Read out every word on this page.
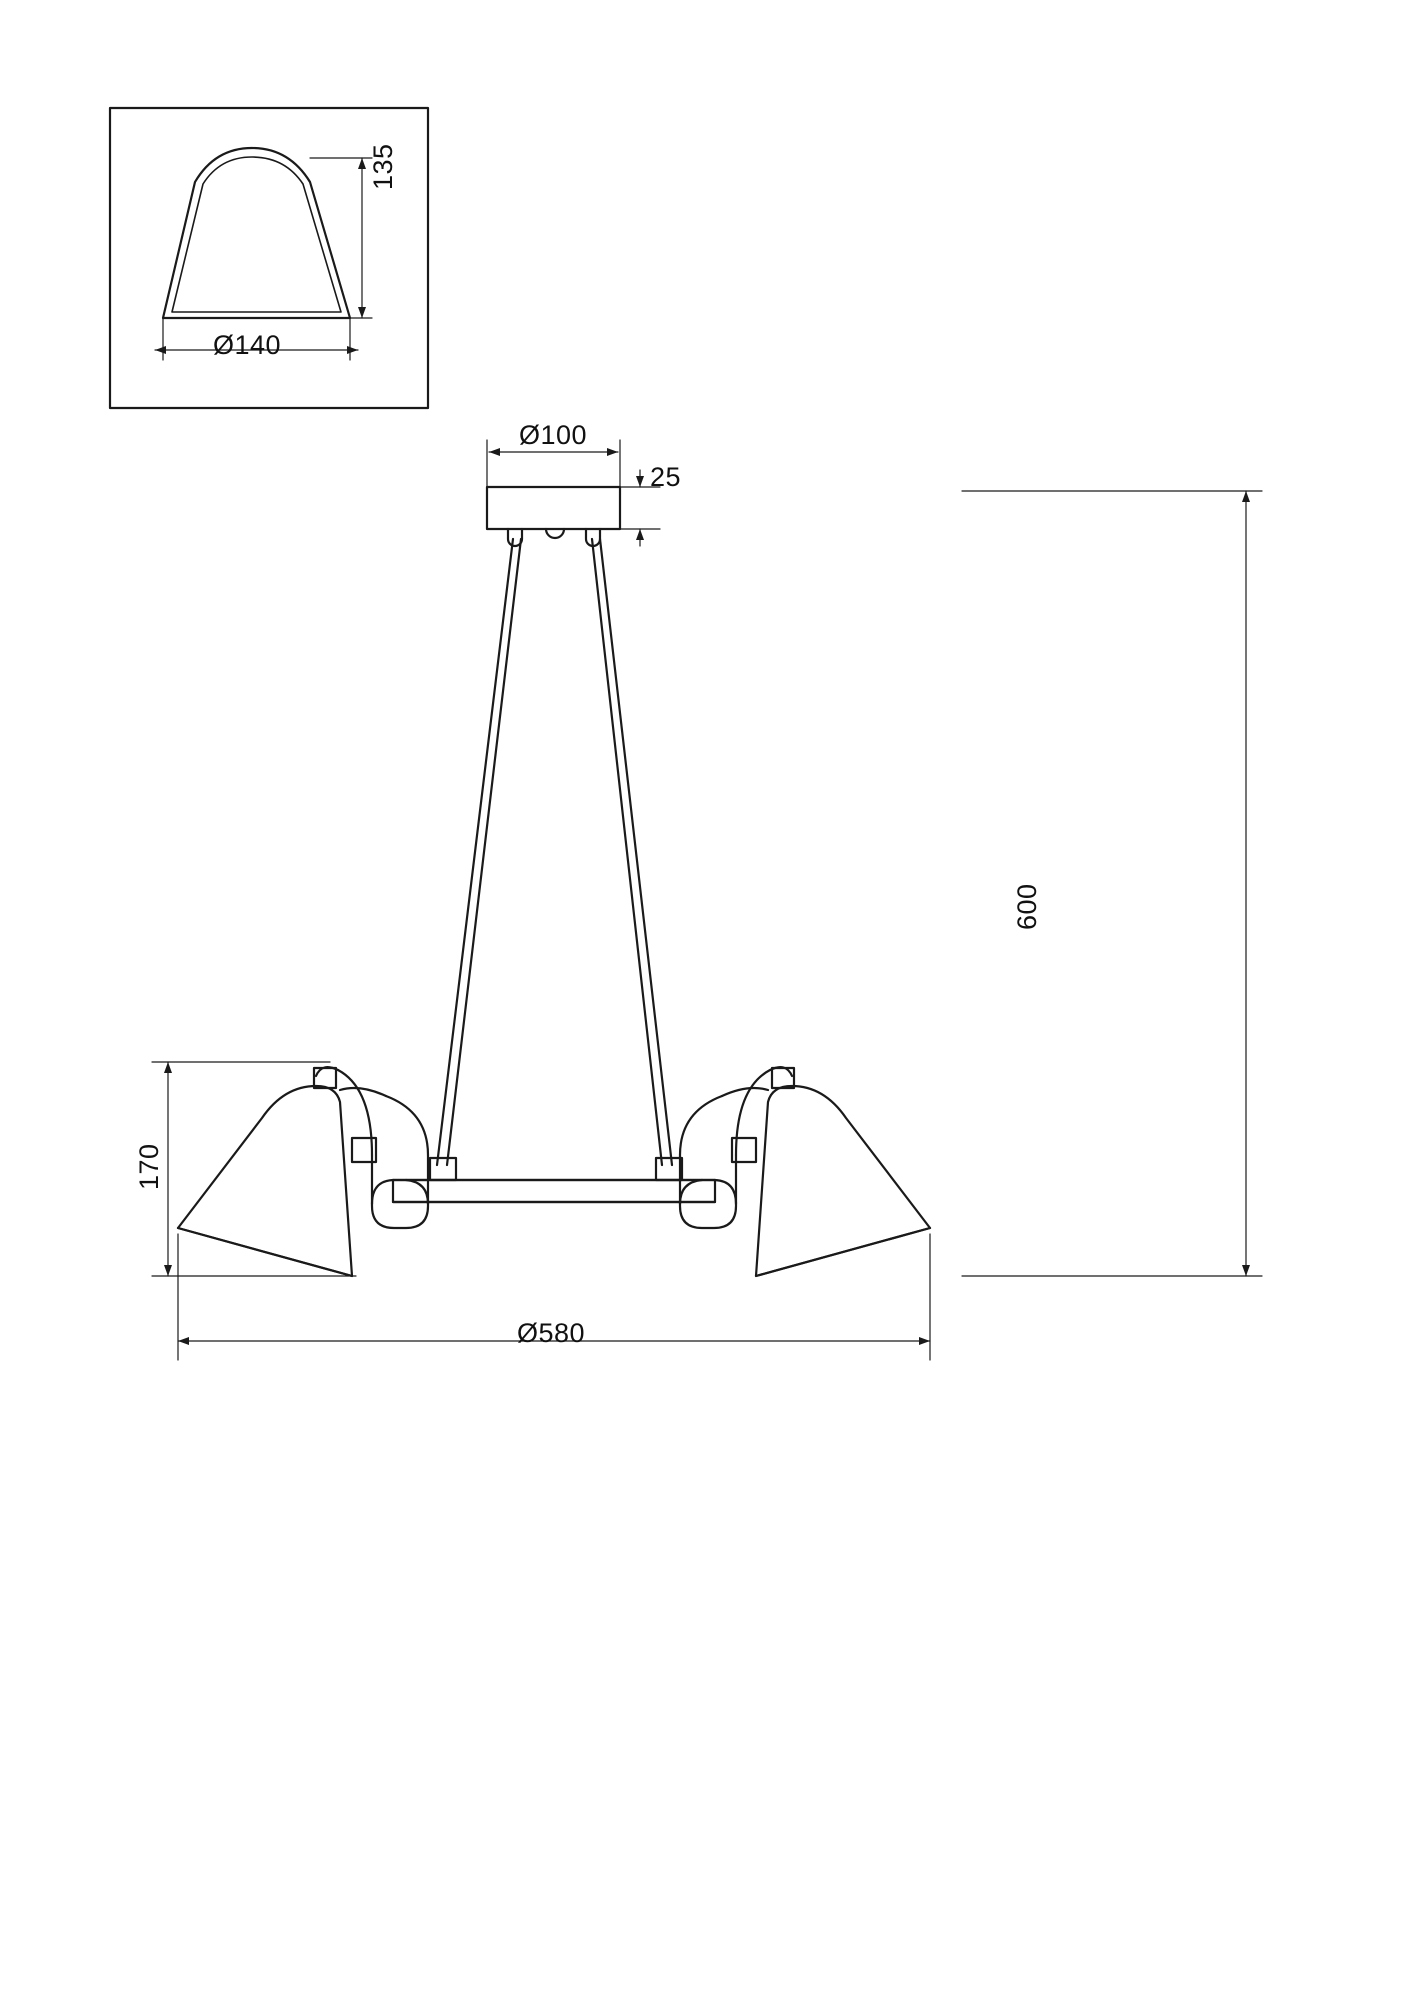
135
Ø140
Ø100
25
600
170
Ø580
